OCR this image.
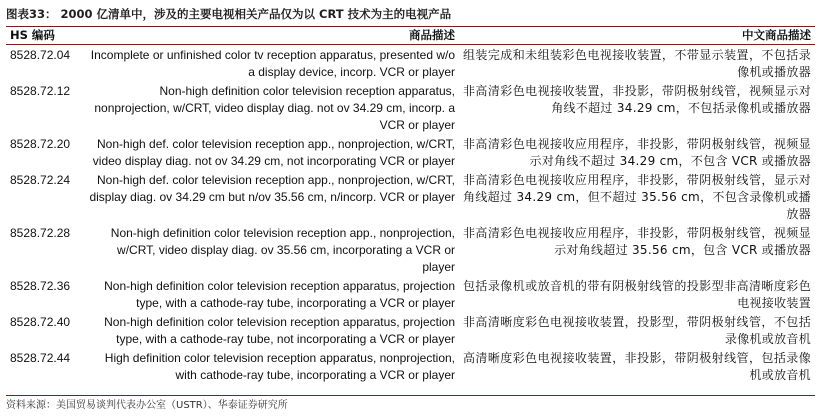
图表33： 2000 亿清单中，涉及的主要电视相关产品仅为以 CRT 技术为主的电视产品
HS 编码	商品描述	中文商品描述
8528.72.04	Incomplete or unfinished color tv reception apparatus, presented w/o a display device, incorp. VCR or player	组装完成和未组装彩色电视接收装置，不带显示装置，不包括录像机或播放器
8528.72.12	Non-high definition color television reception apparatus, nonprojection, w/CRT, video display diag. not ov 34.29 cm, incorp. a VCR or player	非高清彩色电视接收装置，非投影，带阴极射线管，视频显示对角线不超过 34.29 cm，不包括录像机或播放器
8528.72.20	Non-high def. color television reception app., nonprojection, w/CRT, video display diag. not ov 34.29 cm, not incorporating VCR or player	非高清彩色电视接收应用程序，非投影，带阴极射线管，视频显示对角线不超过 34.29 cm，不包含 VCR 或播放器
8528.72.24	Non-high def. color television reception app., nonprojection, w/CRT, display diag. ov 34.29 cm but n/ov 35.56 cm, n/incorp. VCR or player	非高清彩色电视接收应用程序，非投影，带阴极射线管，显示对角线超过 34.29 cm，但不超过 35.56 cm，不包含录像机或播放器
8528.72.28	Non-high definition color television reception app., nonprojection, w/CRT, video display diag. ov 35.56 cm, incorporating a VCR or player	非高清彩色电视接收应用程序，非投影，带阴极射线管，视频显示对角线超过 35.56 cm，包含 VCR 或播放器
8528.72.36	Non-high definition color television reception apparatus, projection type, with a cathode-ray tube, incorporating a VCR or player	包括录像机或放音机的带有阴极射线管的投影型非高清晰度彩色电视接收装置
8528.72.40	Non-high definition color television reception apparatus, projection type, with a cathode-ray tube, not incorporating a VCR or player	非高清晰度彩色电视接收装置，投影型，带阴极射线管，不包括录像机或放音机
8528.72.44	High definition color television reception apparatus, nonprojection, with cathode-ray tube, incorporating a VCR or player	高清晰度彩色电视接收装置，非投影，带阴极射线管，包括录像机或放音机
资料来源：美国贸易谈判代表办公室（USTR）、华泰证券研究所
